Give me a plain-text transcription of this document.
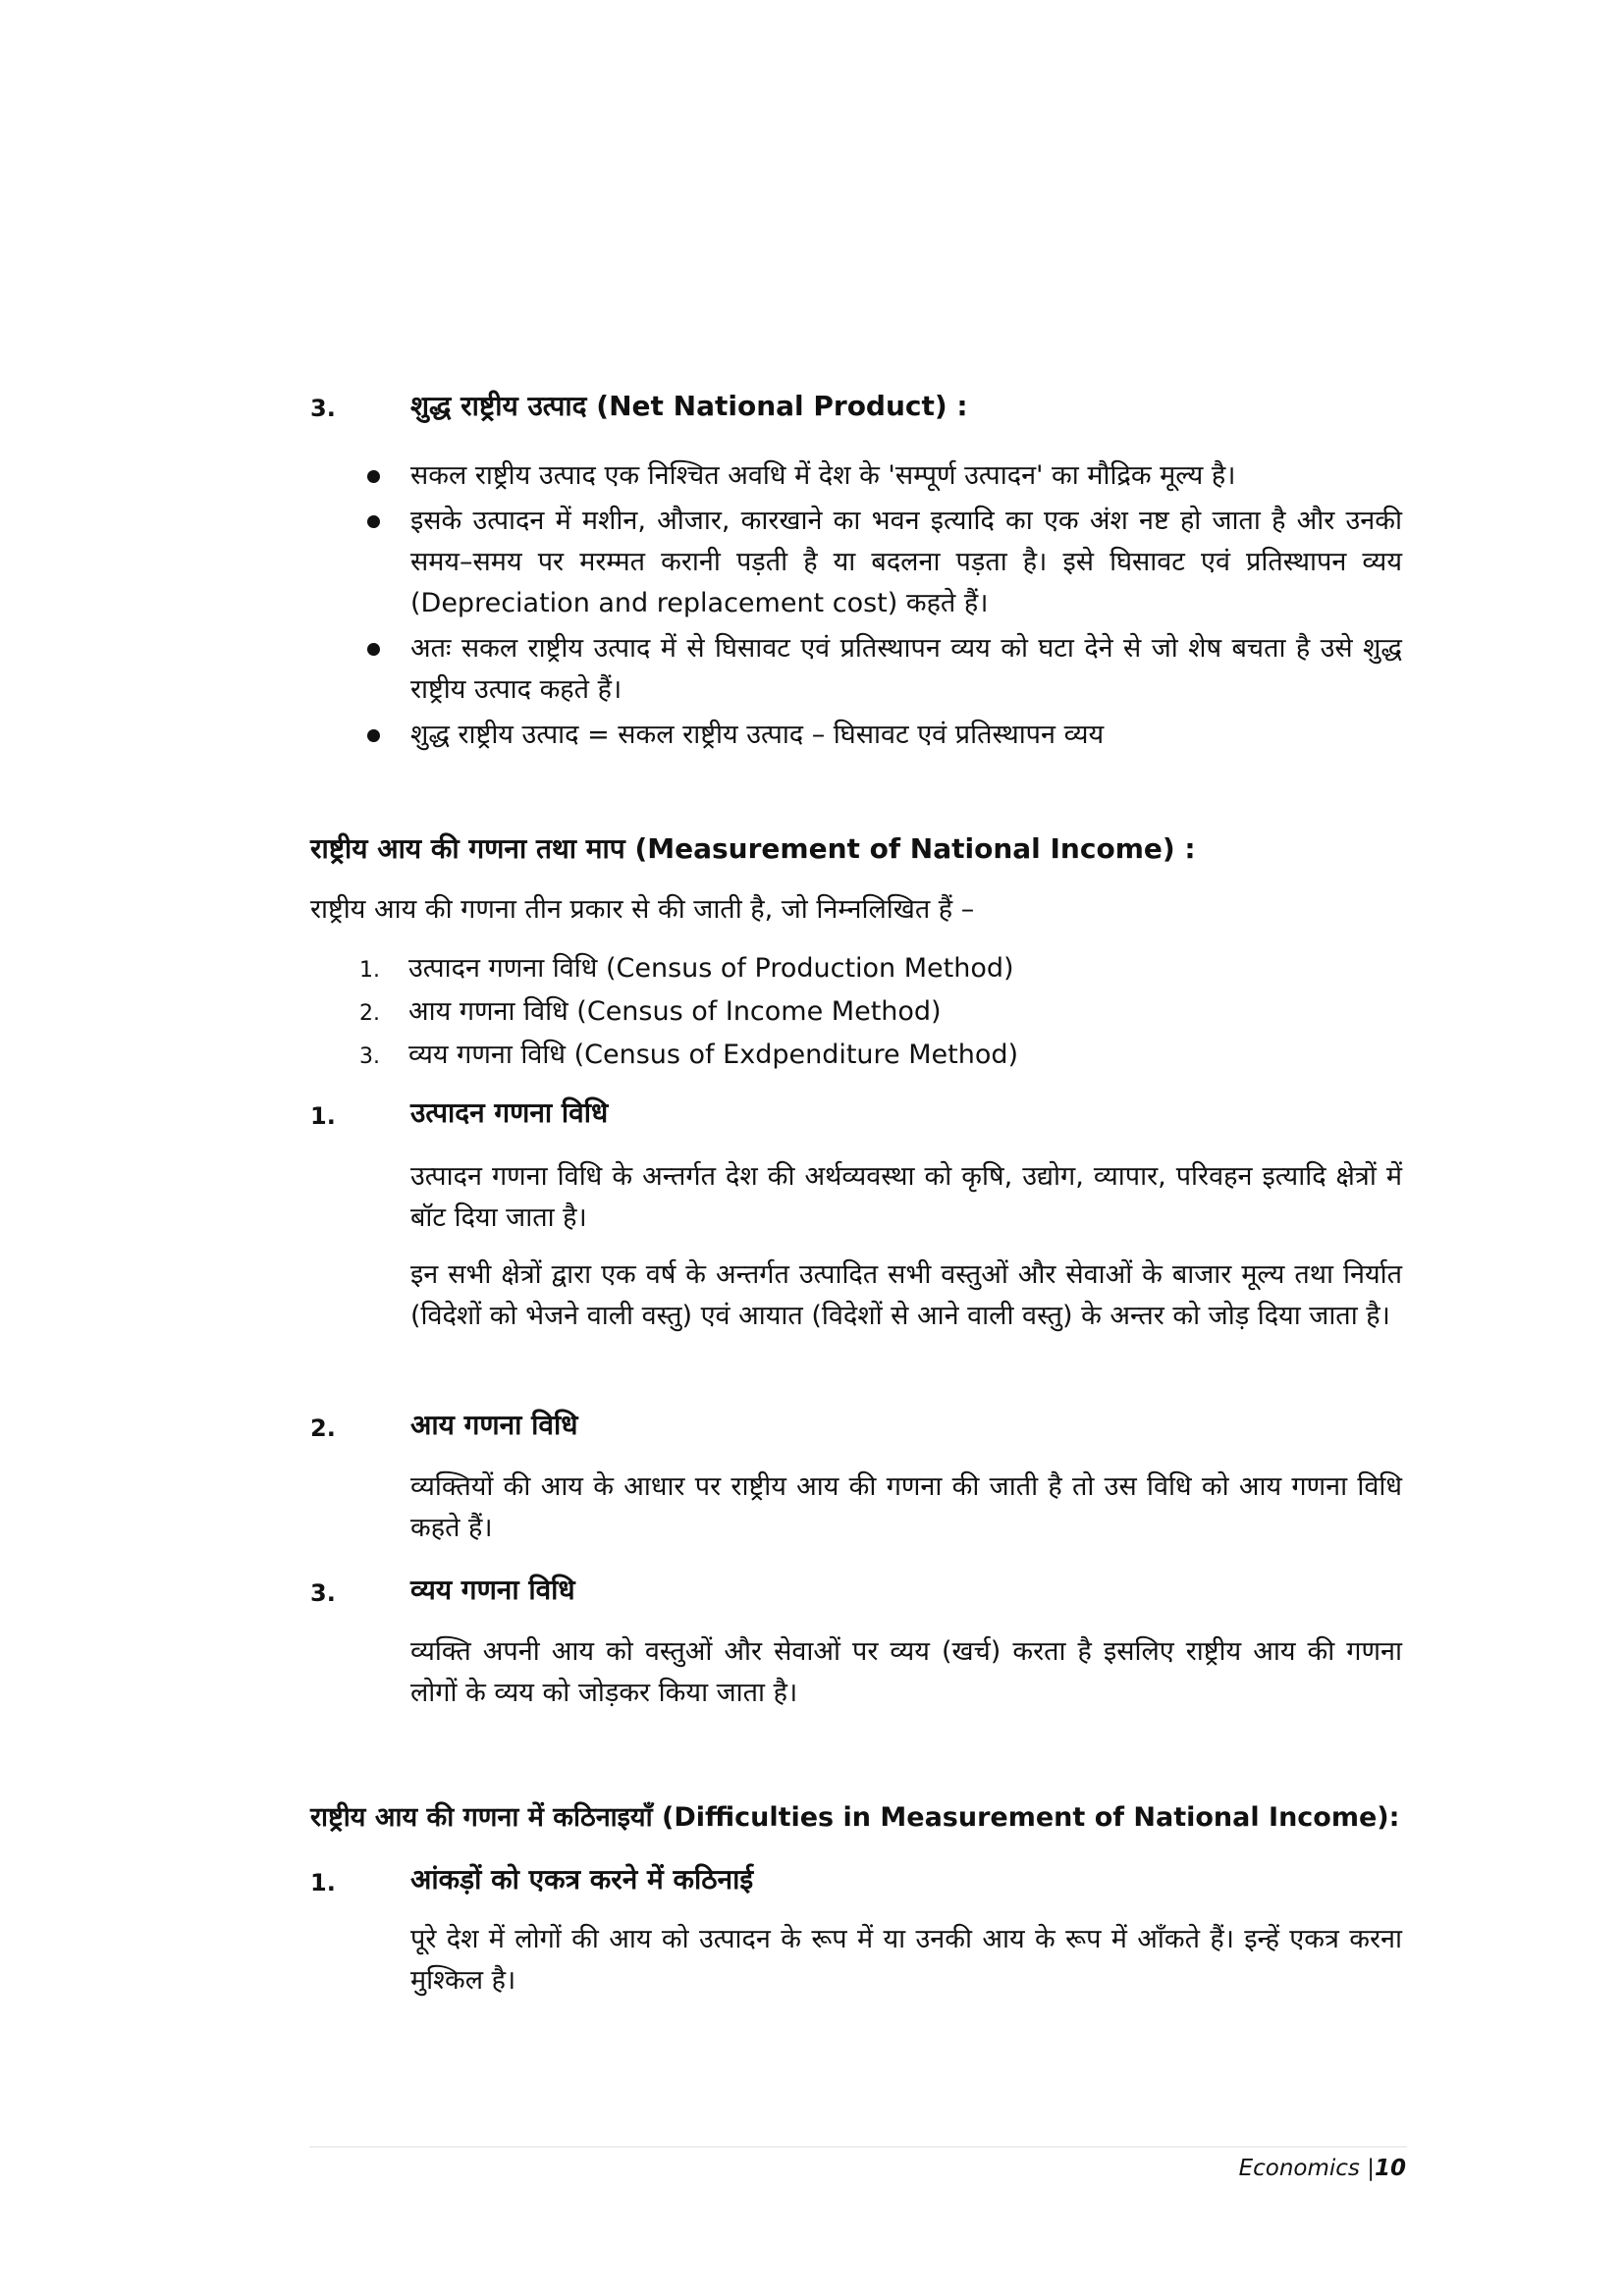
3.	शुद्ध राष्ट्रीय उत्पाद (Net National Product) :
सकल राष्ट्रीय उत्पाद एक निश्चित अवधि में देश के 'सम्पूर्ण उत्पादन' का मौद्रिक मूल्य है।
इसके उत्पादन में मशीन, औजार, कारखाने का भवन इत्यादि का एक अंश नष्ट हो जाता है और उनकी समय–समय पर मरम्मत करानी पड़ती है या बदलना पड़ता है। इसे घिसावट एवं प्रतिस्थापन व्यय (Depreciation and replacement cost) कहते हैं।
अतः सकल राष्ट्रीय उत्पाद में से घिसावट एवं प्रतिस्थापन व्यय को घटा देने से जो शेष बचता है उसे शुद्ध राष्ट्रीय उत्पाद कहते हैं।
शुद्ध राष्ट्रीय उत्पाद = सकल राष्ट्रीय उत्पाद – घिसावट एवं प्रतिस्थापन व्यय
राष्ट्रीय आय की गणना तथा माप (Measurement of National Income) :
राष्ट्रीय आय की गणना तीन प्रकार से की जाती है, जो निम्नलिखित हैं –
1. उत्पादन गणना विधि (Census of Production Method)
2. आय गणना विधि (Census of Income Method)
3. व्यय गणना विधि (Census of Exdpenditure Method)
1.	उत्पादन गणना विधि
उत्पादन गणना विधि के अन्तर्गत देश की अर्थव्यवस्था को कृषि, उद्योग, व्यापार, परिवहन इत्यादि क्षेत्रों में बॉट दिया जाता है।
इन सभी क्षेत्रों द्वारा एक वर्ष के अन्तर्गत उत्पादित सभी वस्तुओं और सेवाओं के बाजार मूल्य तथा निर्यात (विदेशों को भेजने वाली वस्तु) एवं आयात (विदेशों से आने वाली वस्तु) के अन्तर को जोड़ दिया जाता है।
2.	आय गणना विधि
व्यक्तियों की आय के आधार पर राष्ट्रीय आय की गणना की जाती है तो उस विधि को आय गणना विधि कहते हैं।
3.	व्यय गणना विधि
व्यक्ति अपनी आय को वस्तुओं और सेवाओं पर व्यय (खर्च) करता है इसलिए राष्ट्रीय आय की गणना लोगों के व्यय को जोड़कर किया जाता है।
राष्ट्रीय आय की गणना में कठिनाइयाँ (Difficulties in Measurement of National Income):
1.	आंकड़ों को एकत्र करने में कठिनाई
पूरे देश में लोगों की आय को उत्पादन के रूप में या उनकी आय के रूप में आँकते हैं। इन्हें एकत्र करना मुश्किल है।
Economics |10
